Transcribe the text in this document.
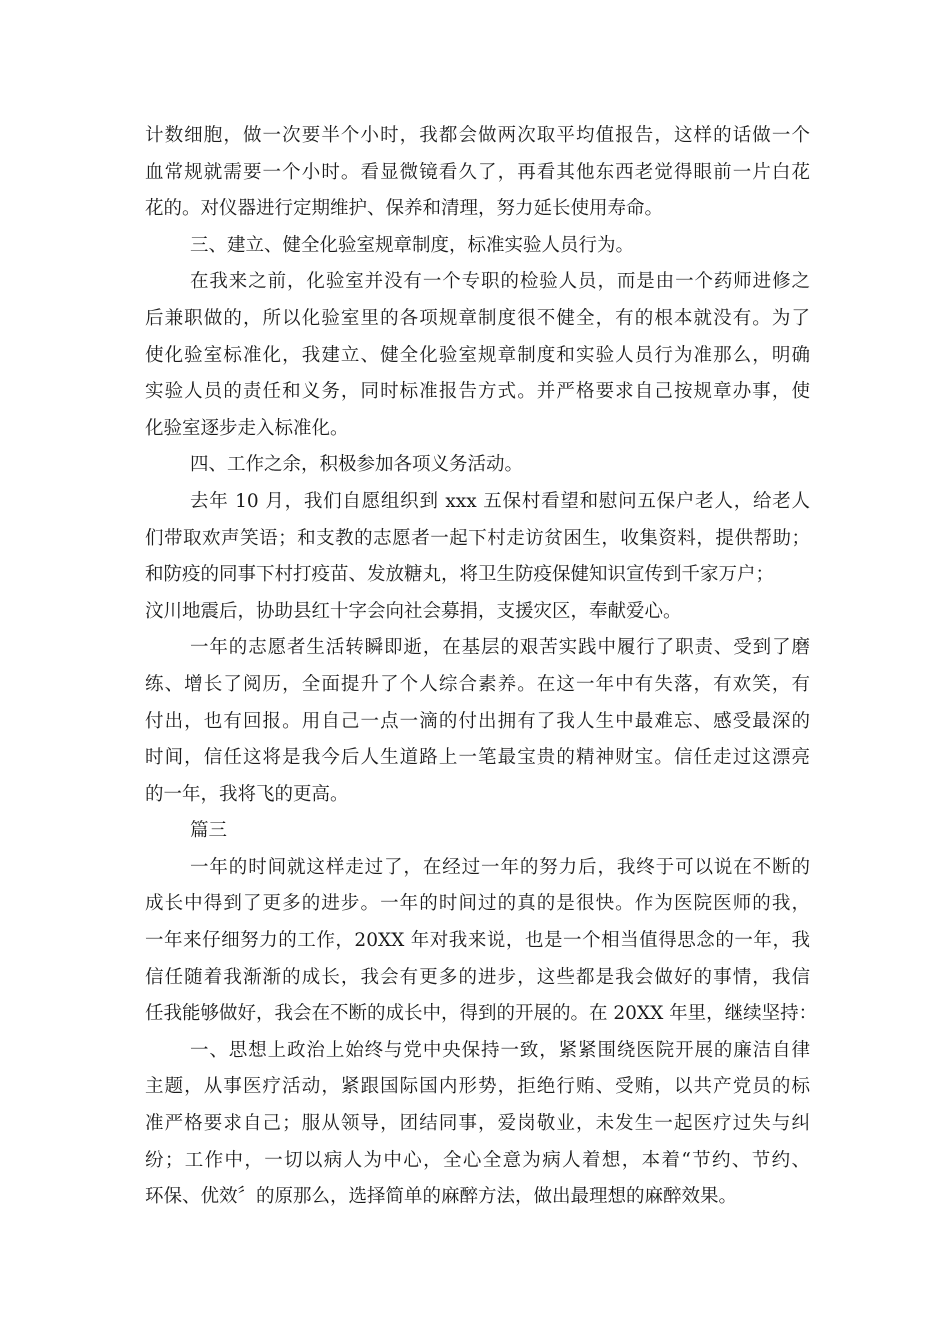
计数细胞，做一次要半个小时，我都会做两次取平均值报告，这样的话做一个
血常规就需要一个小时。看显微镜看久了，再看其他东西老觉得眼前一片白花
花的。对仪器进行定期维护、保养和清理，努力延长使用寿命。
三、建立、健全化验室规章制度，标准实验人员行为。
在我来之前，化验室并没有一个专职的检验人员，而是由一个药师进修之
后兼职做的，所以化验室里的各项规章制度很不健全，有的根本就没有。为了
使化验室标准化，我建立、健全化验室规章制度和实验人员行为准那么，明确
实验人员的责任和义务，同时标准报告方式。并严格要求自己按规章办事，使
化验室逐步走入标准化。
四、工作之余，积极参加各项义务活动。
去年 10 月，我们自愿组织到 xxx 五保村看望和慰问五保户老人，给老人
们带取欢声笑语；和支教的志愿者一起下村走访贫困生，收集资料，提供帮助；
和防疫的同事下村打疫苗、发放糖丸，将卫生防疫保健知识宣传到千家万户；
汶川地震后，协助县红十字会向社会募捐，支援灾区，奉献爱心。
一年的志愿者生活转瞬即逝，在基层的艰苦实践中履行了职责、受到了磨
练、增长了阅历，全面提升了个人综合素养。在这一年中有失落，有欢笑，有
付出，也有回报。用自己一点一滴的付出拥有了我人生中最难忘、感受最深的
时间，信任这将是我今后人生道路上一笔最宝贵的精神财宝。信任走过这漂亮
的一年，我将飞的更高。
篇三
一年的时间就这样走过了，在经过一年的努力后，我终于可以说在不断的
成长中得到了更多的进步。一年的时间过的真的是很快。作为医院医师的我，
一年来仔细努力的工作，20XX 年对我来说，也是一个相当值得思念的一年，我
信任随着我渐渐的成长，我会有更多的进步，这些都是我会做好的事情，我信
任我能够做好，我会在不断的成长中，得到的开展的。在 20XX 年里，继续坚持：
一、思想上政治上始终与党中央保持一致，紧紧围绕医院开展的廉洁自律
主题，从事医疗活动，紧跟国际国内形势，拒绝行贿、受贿，以共产党员的标
准严格要求自己；服从领导，团结同事，爱岗敬业，未发生一起医疗过失与纠
纷；工作中，一切以病人为中心，全心全意为病人着想，本着“节约、节约、
环保、优效〞的原那么，选择简单的麻醉方法，做出最理想的麻醉效果。
